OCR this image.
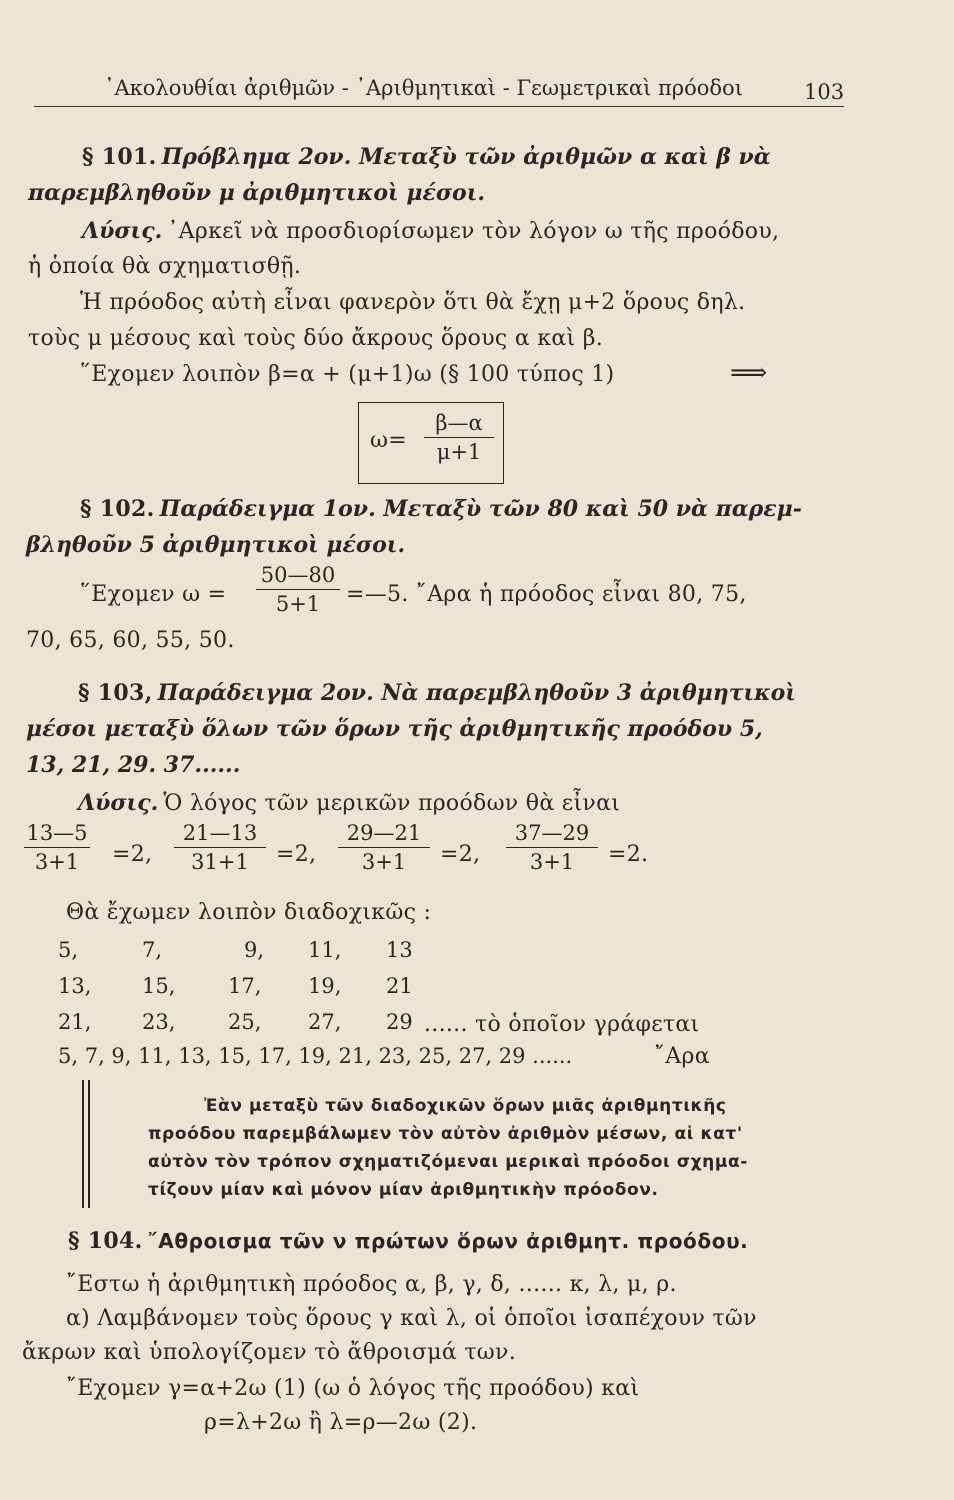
᾿Ακολουθίαι ἀριθμῶν - ᾿Αριθμητικαὶ - Γεωμετρικαὶ πρόοδοι	103
§ 101. Πρόβλημα 2ον. Μεταξὺ τῶν ἀριθμῶν α καὶ β νὰ
παρεμβληθοῦν μ ἀριθμητικοὶ μέσοι.
Λύσις. ᾿Αρκεῖ νὰ προσδιορίσωμεν τὸν λόγον ω τῆς προόδου,
ἡ ὁποία θὰ σχηματισθῇ.
Ἡ πρόοδος αὐτὴ εἶναι φανερὸν ὅτι θὰ ἔχῃ μ+2 ὅρους δηλ.
τοὺς μ μέσους καὶ τοὺς δύο ἄκρους ὅρους α καὶ β.
῞Εχομεν λοιπὸν β=α + (μ+1)ω (§ 100 τύπος 1)	⟹
ω=
β—α
μ+1
§ 102. Παράδειγμα 1ον. Μεταξὺ τῶν 80 καὶ 50 νὰ παρεμ-
βληθοῦν 5 ἀριθμητικοὶ μέσοι.
῞Εχομεν ω =
50—80
5+1	=—5. ῎Αρα ἡ πρόοδος εἶναι 80, 75,
70, 65, 60, 55, 50.
§ 103, Παράδειγμα 2ον. Νὰ παρεμβληθοῦν 3 ἀριθμητικοὶ
μέσοι μεταξὺ ὅλων τῶν ὅρων τῆς ἀριθμητικῆς προόδου 5,
13, 21, 29. 37......
Λύσις. Ὁ λόγος τῶν μερικῶν προόδων θὰ εἶναι
13—5
3+1	=2,
21—13
31+1	=2,
29—21
3+1	=2,
37—29
3+1	=2.
Θὰ ἔχωμεν λοιπὸν διαδοχικῶς :
5,	7,	9, 11, 13
13, 15,	17, 19, 21
21, 23,	25, 27, 29 ...... τὸ ὁποῖον γράφεται
5, 7, 9, 11, 13, 15, 17, 19, 21, 23, 25, 27, 29 ......	῎Αρα
Ἐὰν μεταξὺ τῶν διαδοχικῶν ὅρων μιᾶς ἀριθμητικῆς
προόδου παρεμβάλωμεν τὸν αὐτὸν ἀριθμὸν μέσων, αἱ κατ'
αὐτὸν τὸν τρόπον σχηματιζόμεναι μερικαὶ πρόοδοι σχημα-
τίζουν μίαν καὶ μόνον μίαν ἀριθμητικὴν πρόοδον.
§ 104. ῎Αθροισμα τῶν ν πρώτων ὅρων ἀριθμητ. προόδου.
῎Εστω ἡ ἀριθμητικὴ πρόοδος α, β, γ, δ, ...... κ, λ, μ, ρ.
α) Λαμβάνομεν τοὺς ὅρους γ καὶ λ, οἱ ὁποῖοι ἰσαπέχουν τῶν
ἄκρων καὶ ὑπολογίζομεν τὸ ἄθροισμά των.
῎Εχομεν γ=α+2ω (1) (ω ὁ λόγος τῆς προόδου) καὶ
ρ=λ+2ω ἢ λ=ρ—2ω (2).
